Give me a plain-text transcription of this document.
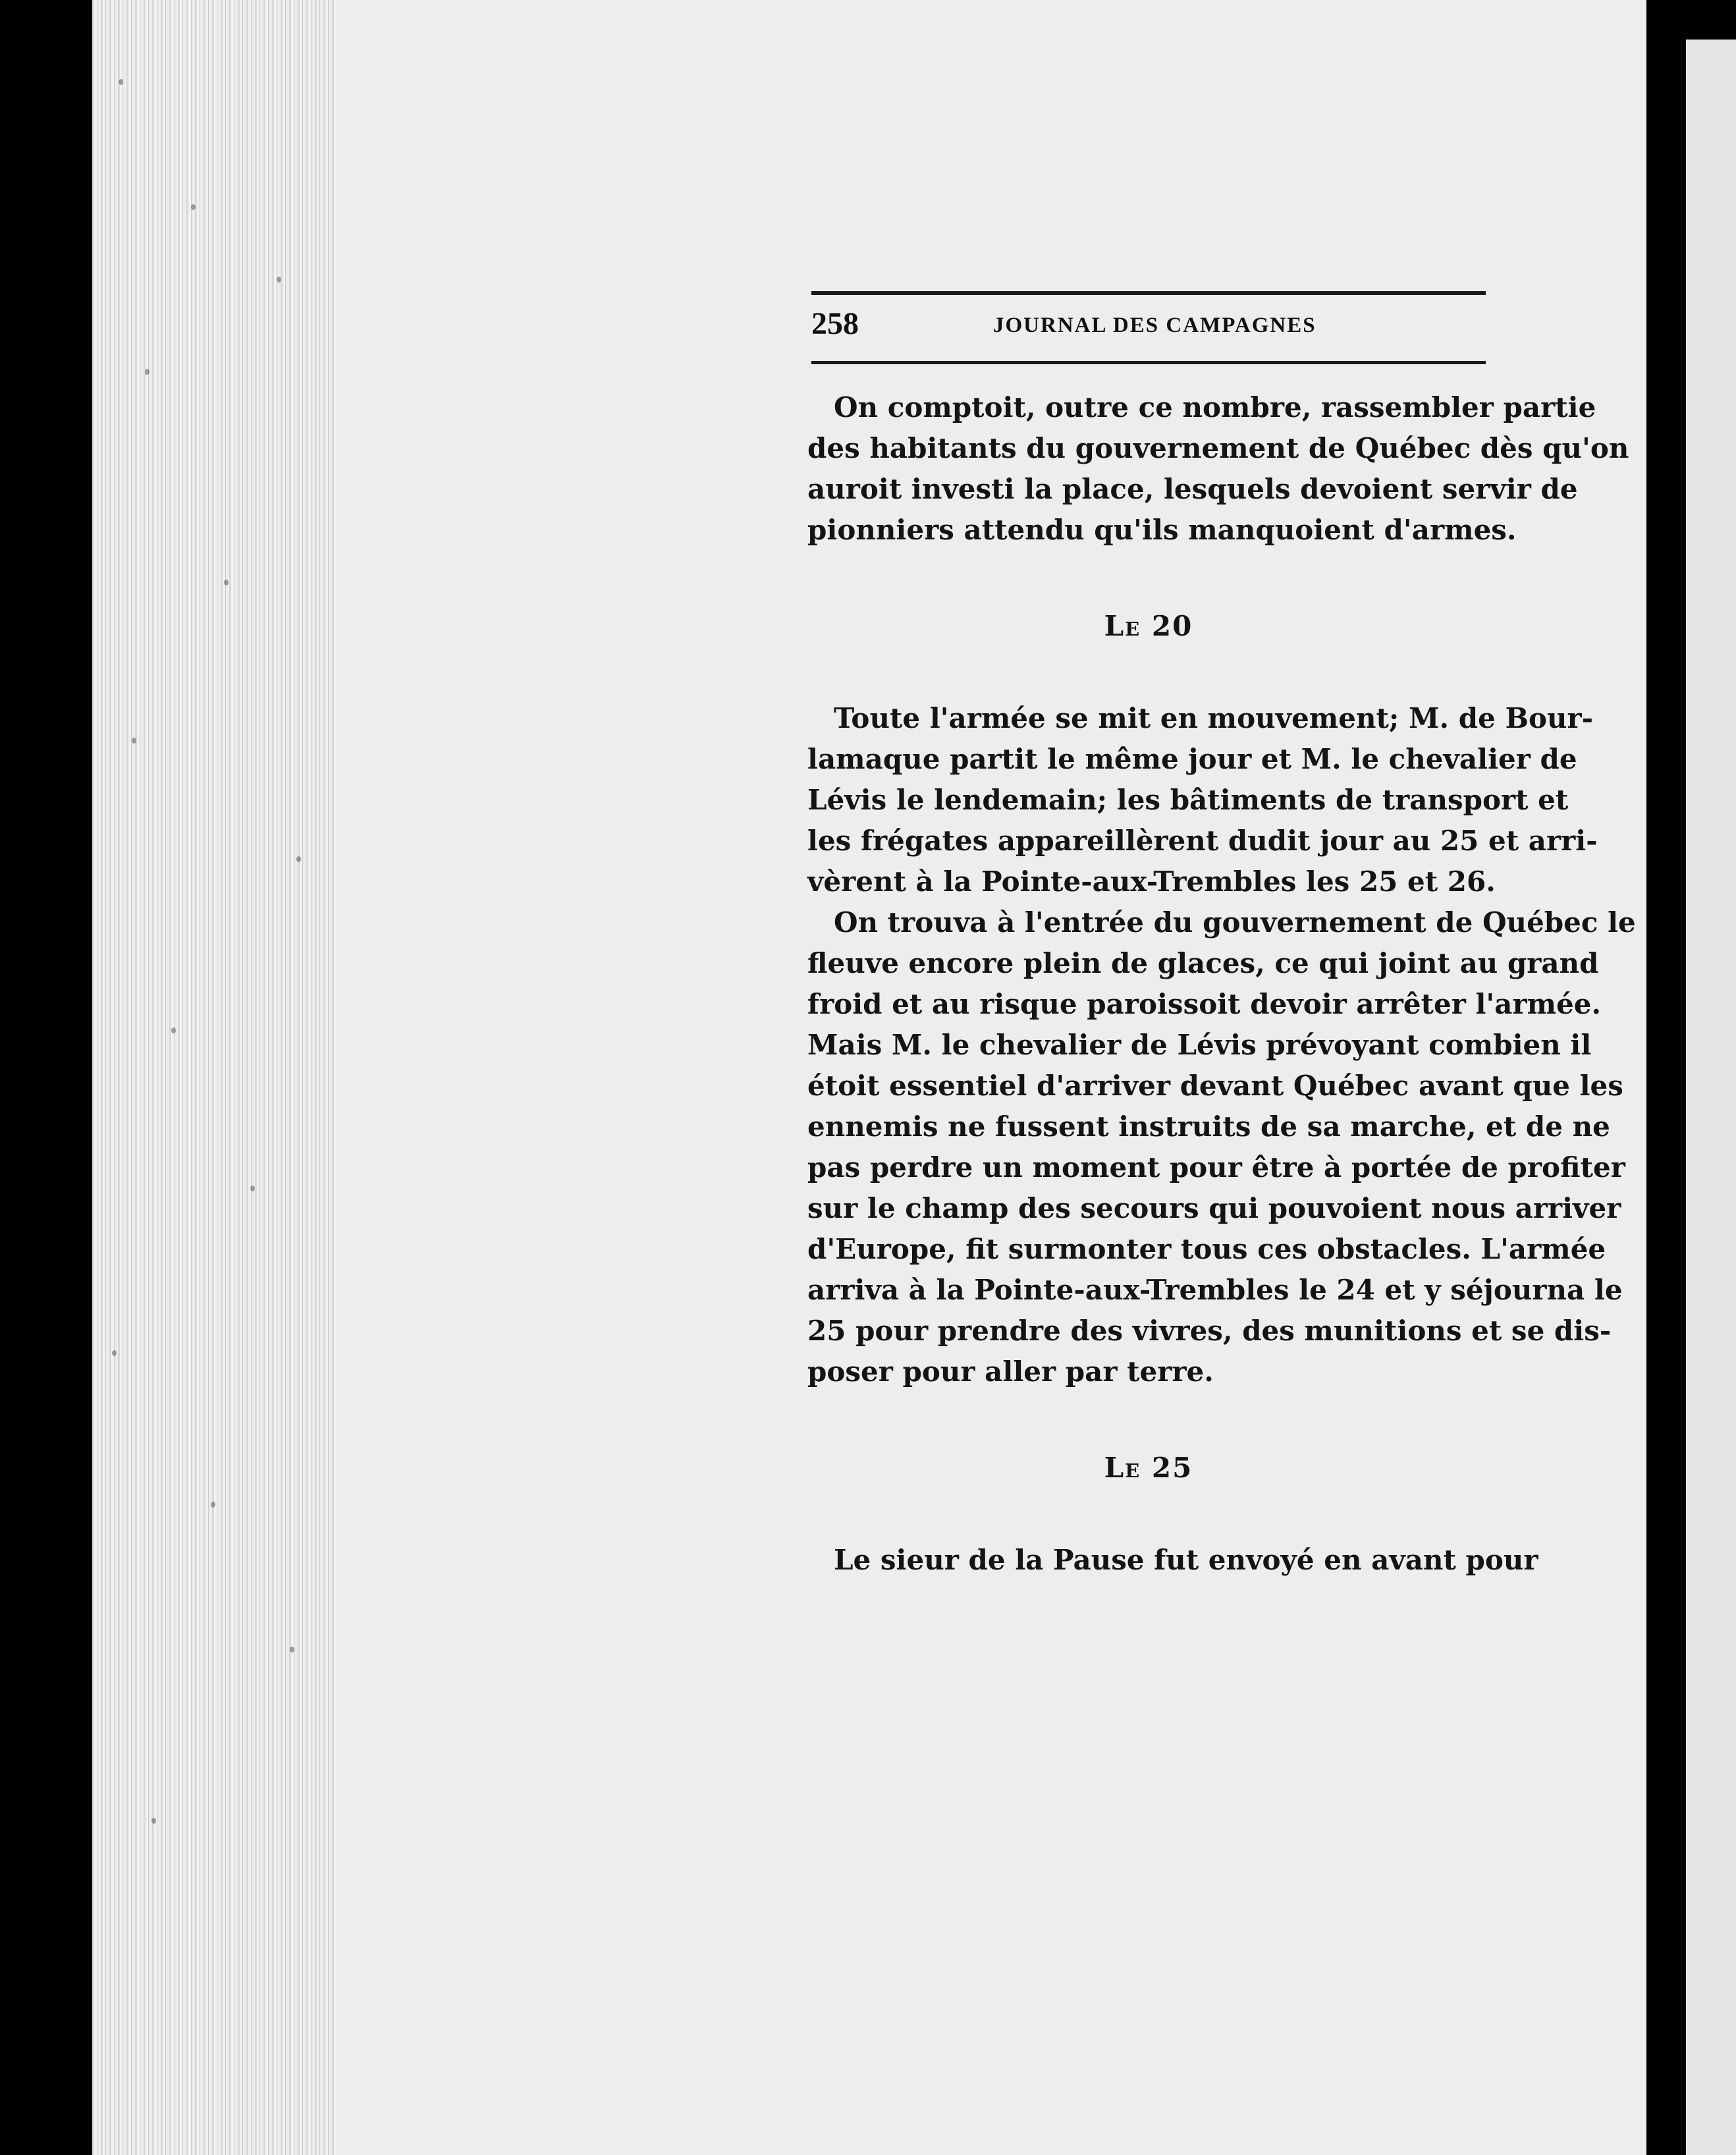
258	JOURNAL DES CAMPAGNES
On comptoit, outre ce nombre, rassembler partie
des habitants du gouvernement de Québec dès qu'on
auroit investi la place, lesquels devoient servir de
pionniers attendu qu'ils manquoient d'armes.
Le 20
Toute l'armée se mit en mouvement; M. de Bour-
lamaque partit le même jour et M. le chevalier de
Lévis le lendemain; les bâtiments de transport et
les frégates appareillèrent dudit jour au 25 et arri-
vèrent à la Pointe-aux-Trembles les 25 et 26.
On trouva à l'entrée du gouvernement de Québec le
fleuve encore plein de glaces, ce qui joint au grand
froid et au risque paroissoit devoir arrêter l'armée.
Mais M. le chevalier de Lévis prévoyant combien il
étoit essentiel d'arriver devant Québec avant que les
ennemis ne fussent instruits de sa marche, et de ne
pas perdre un moment pour être à portée de profiter
sur le champ des secours qui pouvoient nous arriver
d'Europe, fit surmonter tous ces obstacles. L'armée
arriva à la Pointe-aux-Trembles le 24 et y séjourna le
25 pour prendre des vivres, des munitions et se dis-
poser pour aller par terre.
Le 25
Le sieur de la Pause fut envoyé en avant pour
